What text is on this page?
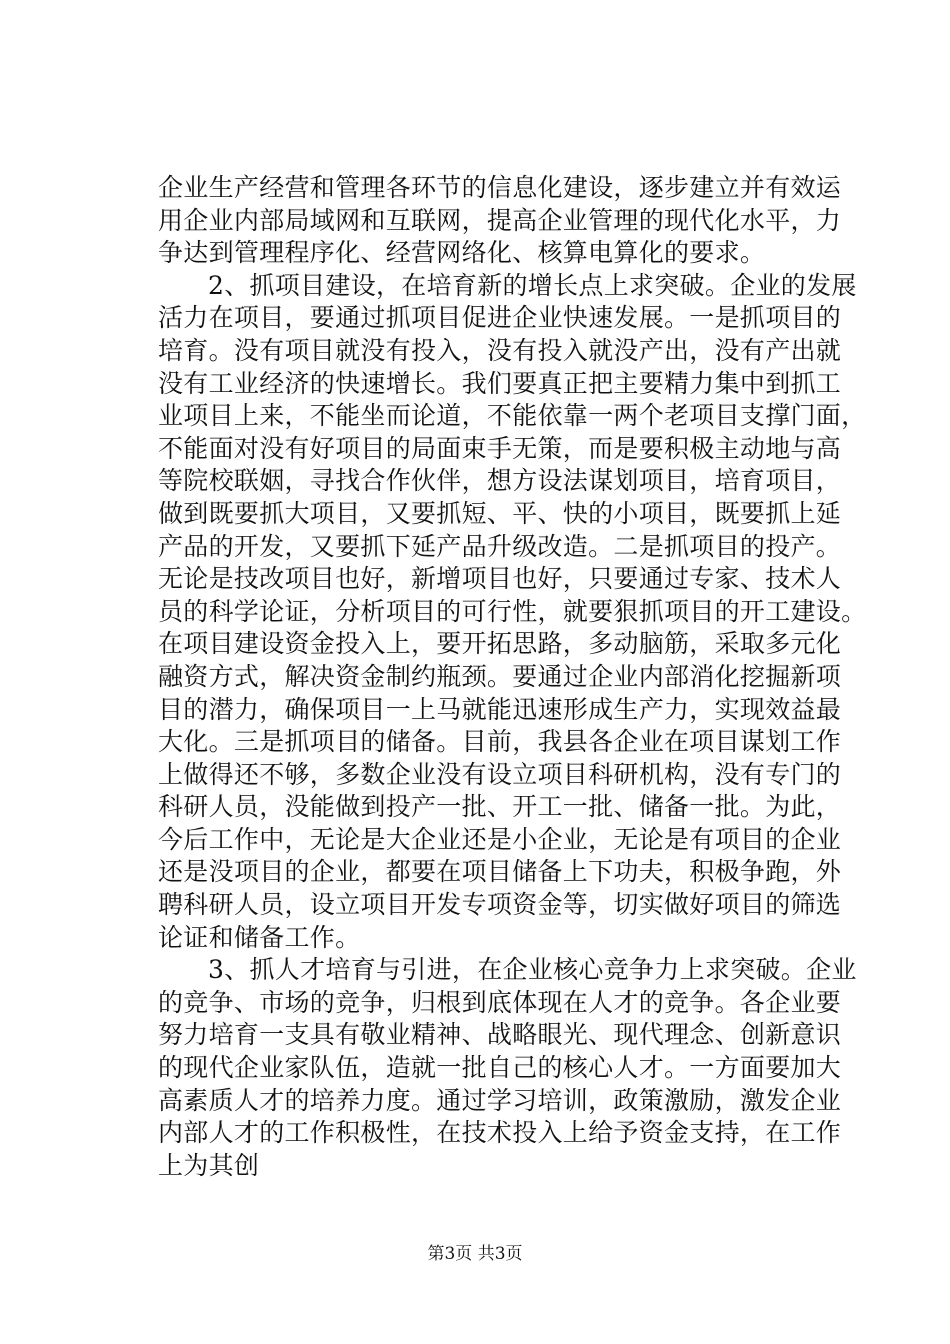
企业生产经营和管理各环节的信息化建设，逐步建立并有效运
用企业内部局域网和互联网，提高企业管理的现代化水平，力
争达到管理程序化、经营网络化、核算电算化的要求。
2、抓项目建设，在培育新的增长点上求突破。企业的发展
活力在项目，要通过抓项目促进企业快速发展。一是抓项目的
培育。没有项目就没有投入，没有投入就没产出，没有产出就
没有工业经济的快速增长。我们要真正把主要精力集中到抓工
业项目上来，不能坐而论道，不能依靠一两个老项目支撑门面，
不能面对没有好项目的局面束手无策，而是要积极主动地与高
等院校联姻，寻找合作伙伴，想方设法谋划项目，培育项目，
做到既要抓大项目，又要抓短、平、快的小项目，既要抓上延
产品的开发，又要抓下延产品升级改造。二是抓项目的投产。
无论是技改项目也好，新增项目也好，只要通过专家、技术人
员的科学论证，分析项目的可行性，就要狠抓项目的开工建设。
在项目建设资金投入上，要开拓思路，多动脑筋，采取多元化
融资方式，解决资金制约瓶颈。要通过企业内部消化挖掘新项
目的潜力，确保项目一上马就能迅速形成生产力，实现效益最
大化。三是抓项目的储备。目前，我县各企业在项目谋划工作
上做得还不够，多数企业没有设立项目科研机构，没有专门的
科研人员，没能做到投产一批、开工一批、储备一批。为此，
今后工作中，无论是大企业还是小企业，无论是有项目的企业
还是没项目的企业，都要在项目储备上下功夫，积极争跑，外
聘科研人员，设立项目开发专项资金等，切实做好项目的筛选
论证和储备工作。
3、抓人才培育与引进，在企业核心竞争力上求突破。企业
的竞争、市场的竞争，归根到底体现在人才的竞争。各企业要
努力培育一支具有敬业精神、战略眼光、现代理念、创新意识
的现代企业家队伍，造就一批自己的核心人才。一方面要加大
高素质人才的培养力度。通过学习培训，政策激励，激发企业
内部人才的工作积极性，在技术投入上给予资金支持，在工作
上为其创
第3页 共3页
